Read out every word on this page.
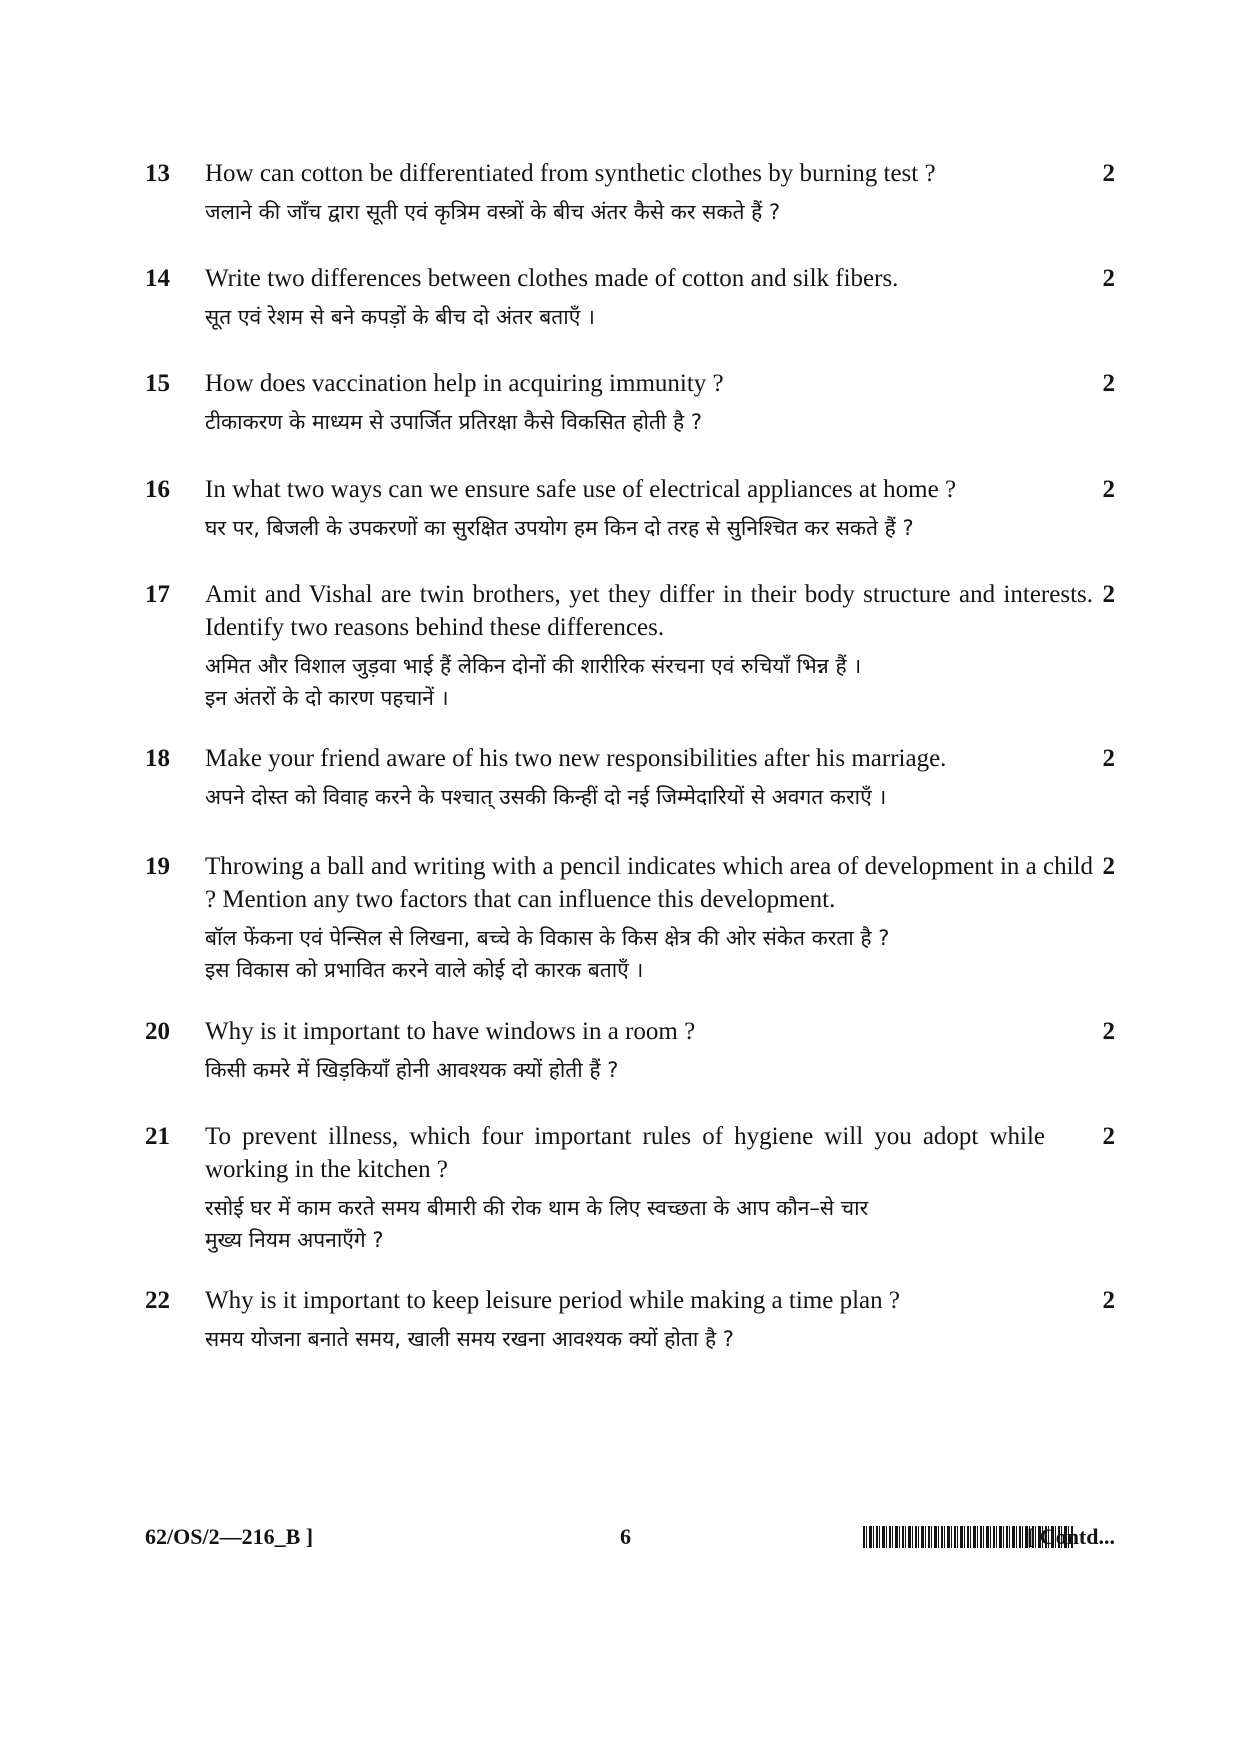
13 How can cotton be differentiated from synthetic clothes by burning test ?

जलाने की जाँच द्वारा सूती एवं कृत्रिम वस्त्रों के बीच अंतर कैसे कर सकते हैं ?

2
14 Write two differences between clothes made of cotton and silk fibers.

सूत एवं रेशम से बने कपड़ों के बीच दो अंतर बताएँ ।

2
15 How does vaccination help in acquiring immunity ?

टीकाकरण के माध्यम से उपार्जित प्रतिरक्षा कैसे विकसित होती है ?

2
16 In what two ways can we ensure safe use of electrical appliances at home ?

घर पर, बिजली के उपकरणों का सुरक्षित उपयोग हम किन दो तरह से सुनिश्चित कर सकते हैं ?

2
17 Amit and Vishal are twin brothers, yet they differ in their body structure and interests. Identify two reasons behind these differences.

अमित और विशाल जुड़वा भाई हैं लेकिन दोनों की शारीरिक संरचना एवं रुचियाँ भिन्न हैं ।

इन अंतरों के दो कारण पहचानें ।

2
18 Make your friend aware of his two new responsibilities after his marriage.

अपने दोस्त को विवाह करने के पश्चात् उसकी किन्हीं दो नई जिम्मेदारियों से अवगत कराएँ ।

2
19 Throwing a ball and writing with a pencil indicates which area of development in a child ? Mention any two factors that can influence this development.

बॉल फेंकना एवं पेन्सिल से लिखना, बच्चे के विकास के किस क्षेत्र की ओर संकेत करता है ?

इस विकास को प्रभावित करने वाले कोई दो कारक बताएँ ।

2
20 Why is it important to have windows in a room ?

किसी कमरे में खिड़कियाँ होनी आवश्यक क्यों होती हैं ?

2
21 To prevent illness, which four important rules of hygiene will you adopt while working in the kitchen ?

रसोई घर में काम करते समय बीमारी की रोक थाम के लिए स्वच्छता के आप कौन–से चार

मुख्य नियम अपनाएँगे ?

2
22 Why is it important to keep leisure period while making a time plan ?

समय योजना बनाते समय, खाली समय रखना आवश्यक क्यों होता है ?

2
62/OS/2—216_B ]	6	[ Contd...
